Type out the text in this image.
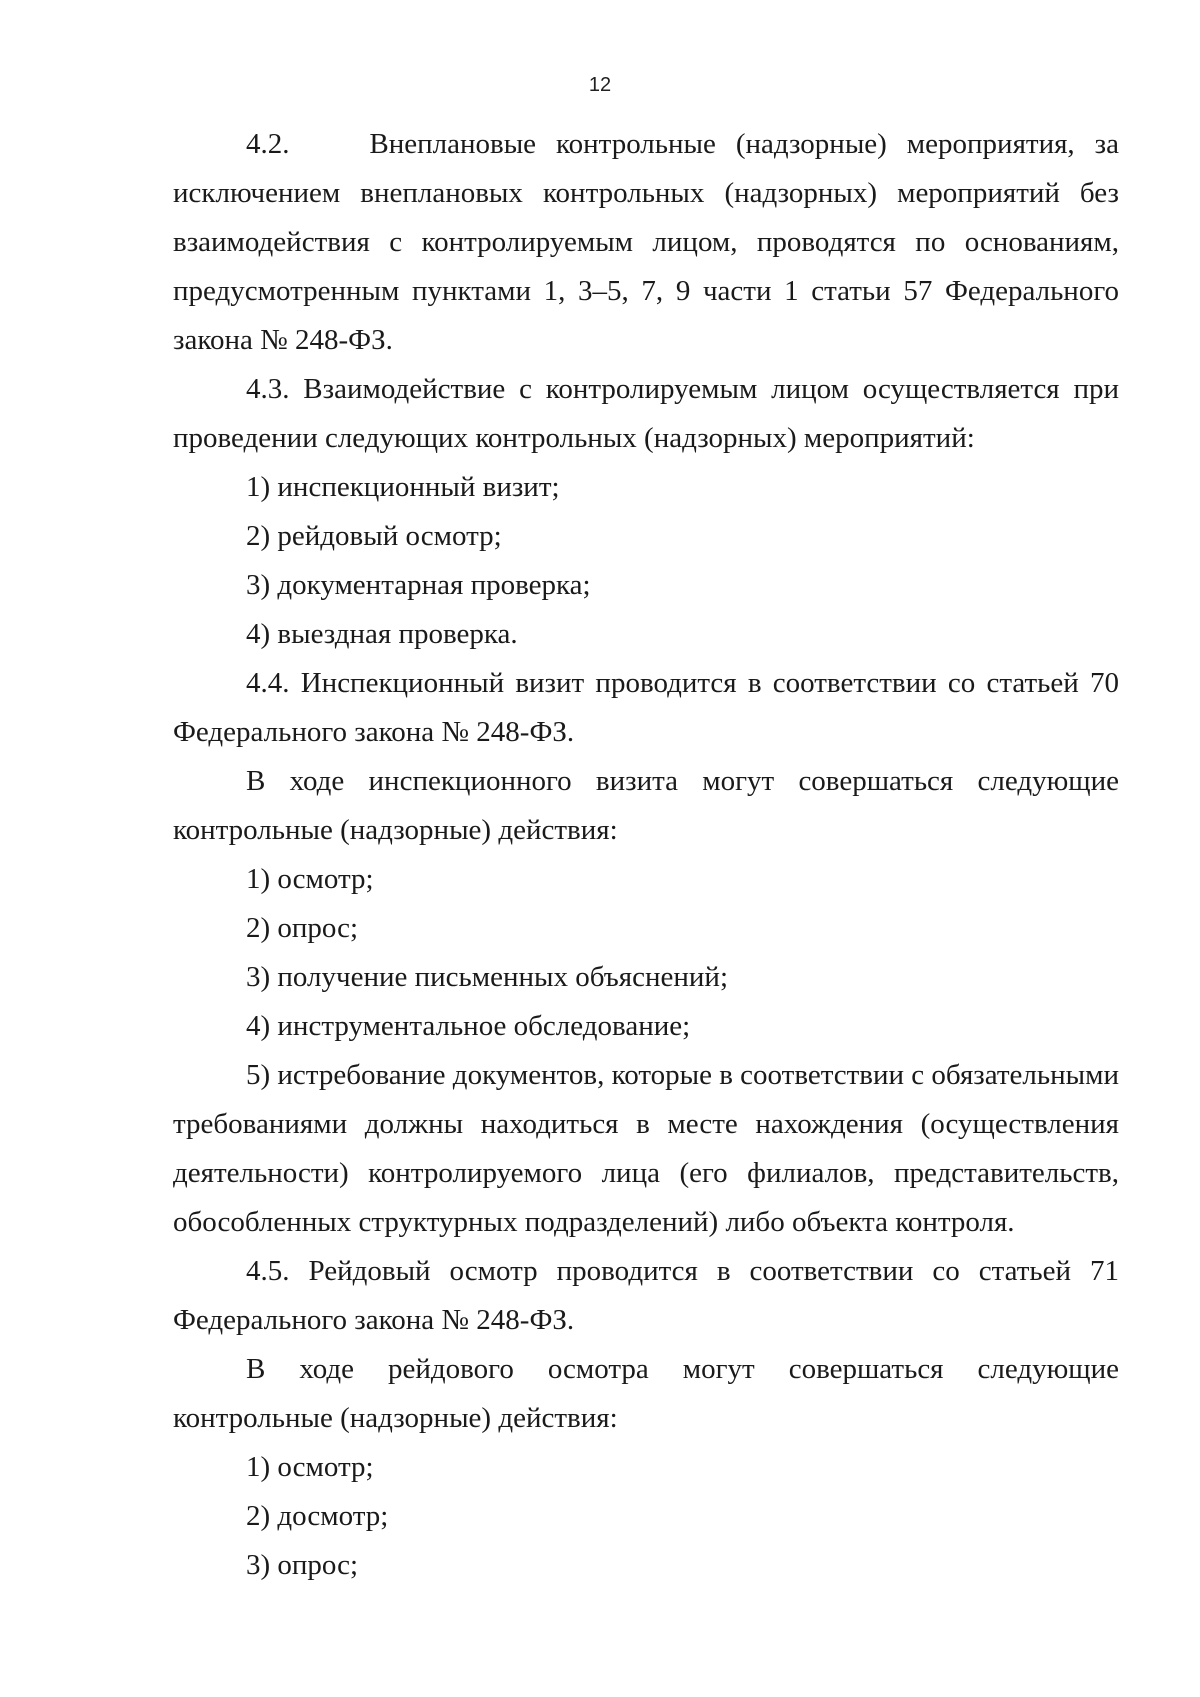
12

4.2.    Внеплановые контрольные (надзорные) мероприятия, за исключением внеплановых контрольных (надзорных) мероприятий без взаимодействия с контролируемым лицом, проводятся по основаниям, предусмотренным пунктами 1, 3–5, 7, 9 части 1 статьи 57 Федерального закона № 248-ФЗ.

4.3. Взаимодействие с контролируемым лицом осуществляется при проведении следующих контрольных (надзорных) мероприятий:

1) инспекционный визит;

2) рейдовый осмотр;

3) документарная проверка;

4) выездная проверка.

4.4. Инспекционный визит проводится в соответствии со статьей 70 Федерального закона № 248-ФЗ.

В ходе инспекционного визита могут совершаться следующие контрольные (надзорные) действия:

1) осмотр;

2) опрос;

3) получение письменных объяснений;

4) инструментальное обследование;

5) истребование документов, которые в соответствии с обязательными требованиями должны находиться в месте нахождения (осуществления деятельности) контролируемого лица (его филиалов, представительств, обособленных структурных подразделений) либо объекта контроля.

4.5. Рейдовый осмотр проводится в соответствии со статьей 71 Федерального закона № 248-ФЗ.

В ходе рейдового осмотра могут совершаться следующие контрольные (надзорные) действия:

1) осмотр;

2) досмотр;

3) опрос;
